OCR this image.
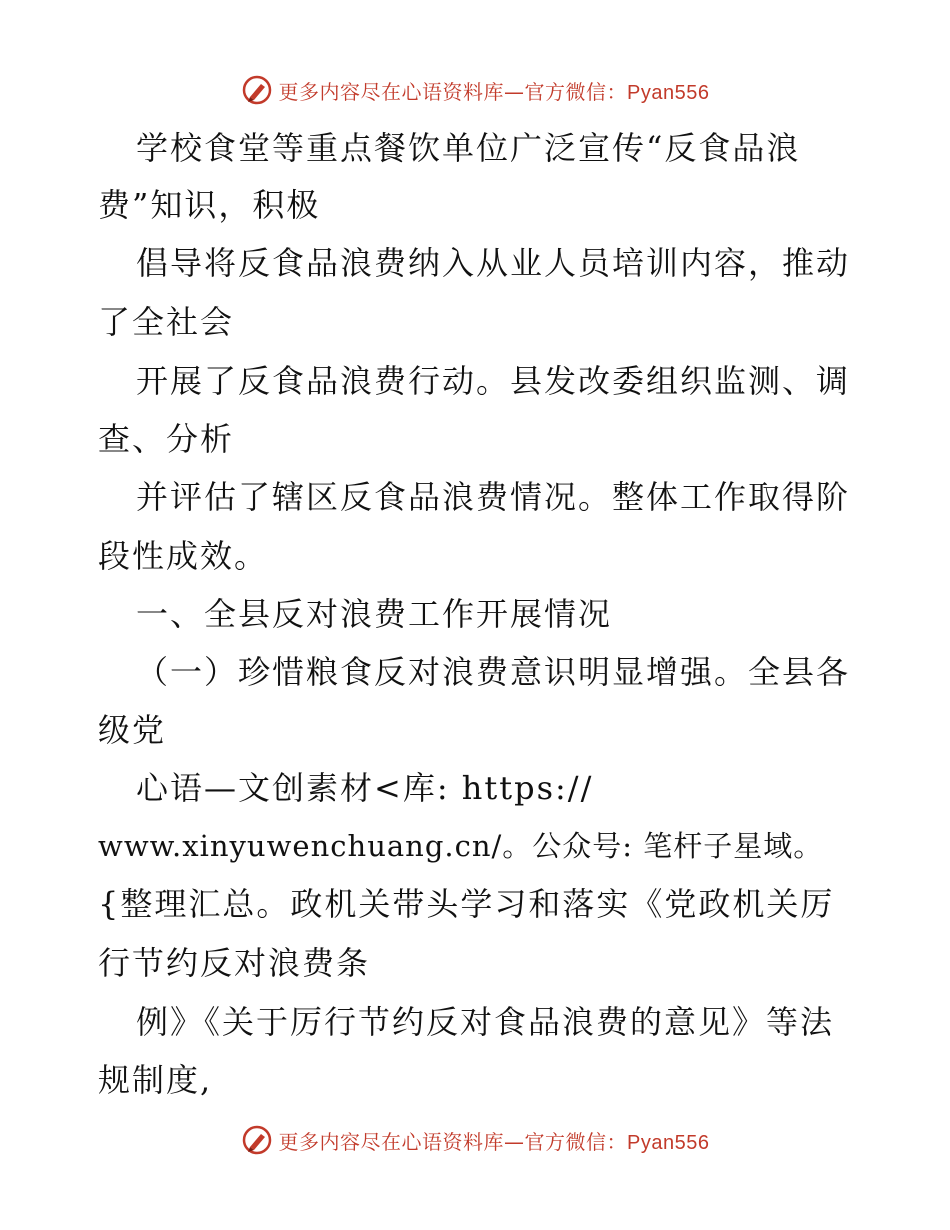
更多内容尽在心语资料库—官方微信：Pyan556
学校食堂等重点餐饮单位广泛宣传“反食品浪
费”知识，积极
倡导将反食品浪费纳入从业人员培训内容，推动
了全社会
开展了反食品浪费行动。县发改委组织监测、调
查、分析
并评估了辖区反食品浪费情况。整体工作取得阶
段性成效。
一、全县反对浪费工作开展情况
（一）珍惜粮食反对浪费意识明显增强。全县各
级党
心语—文创素材<库: https://
www.xinyuwenchuang.cn/。公众号: 笔杆子星域。
{整理汇总。政机关带头学习和落实《党政机关厉
行节约反对浪费条
例》《关于厉行节约反对食品浪费的意见》等法
规制度,
更多内容尽在心语资料库—官方微信：Pyan556
